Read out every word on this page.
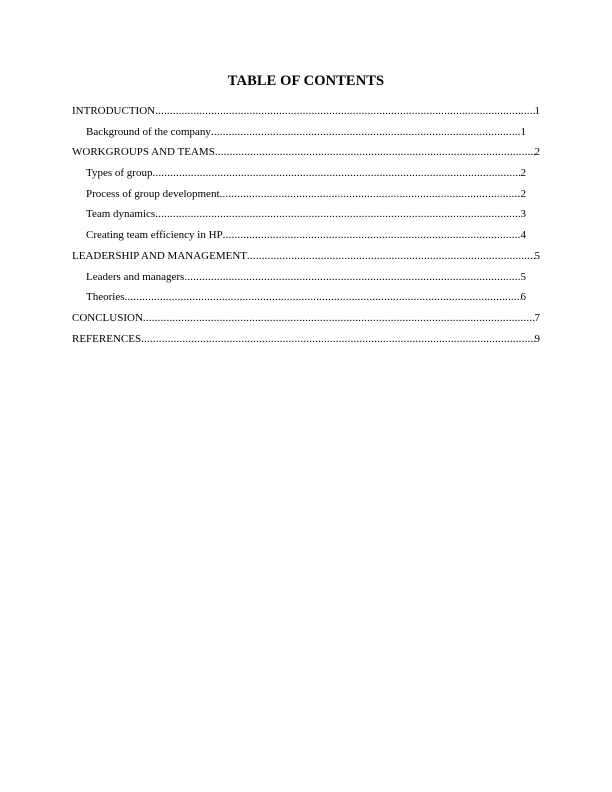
TABLE OF CONTENTS
INTRODUCTION .....	1
Background of the company .....	1
WORKGROUPS AND TEAMS .....	2
Types of group .....	2
Process of group development .....	2
Team dynamics .....	3
Creating team efficiency in HP .....	4
LEADERSHIP AND MANAGEMENT .....	5
Leaders and managers .....	5
Theories .....	6
CONCLUSION .....	7
REFERENCES .....	9
